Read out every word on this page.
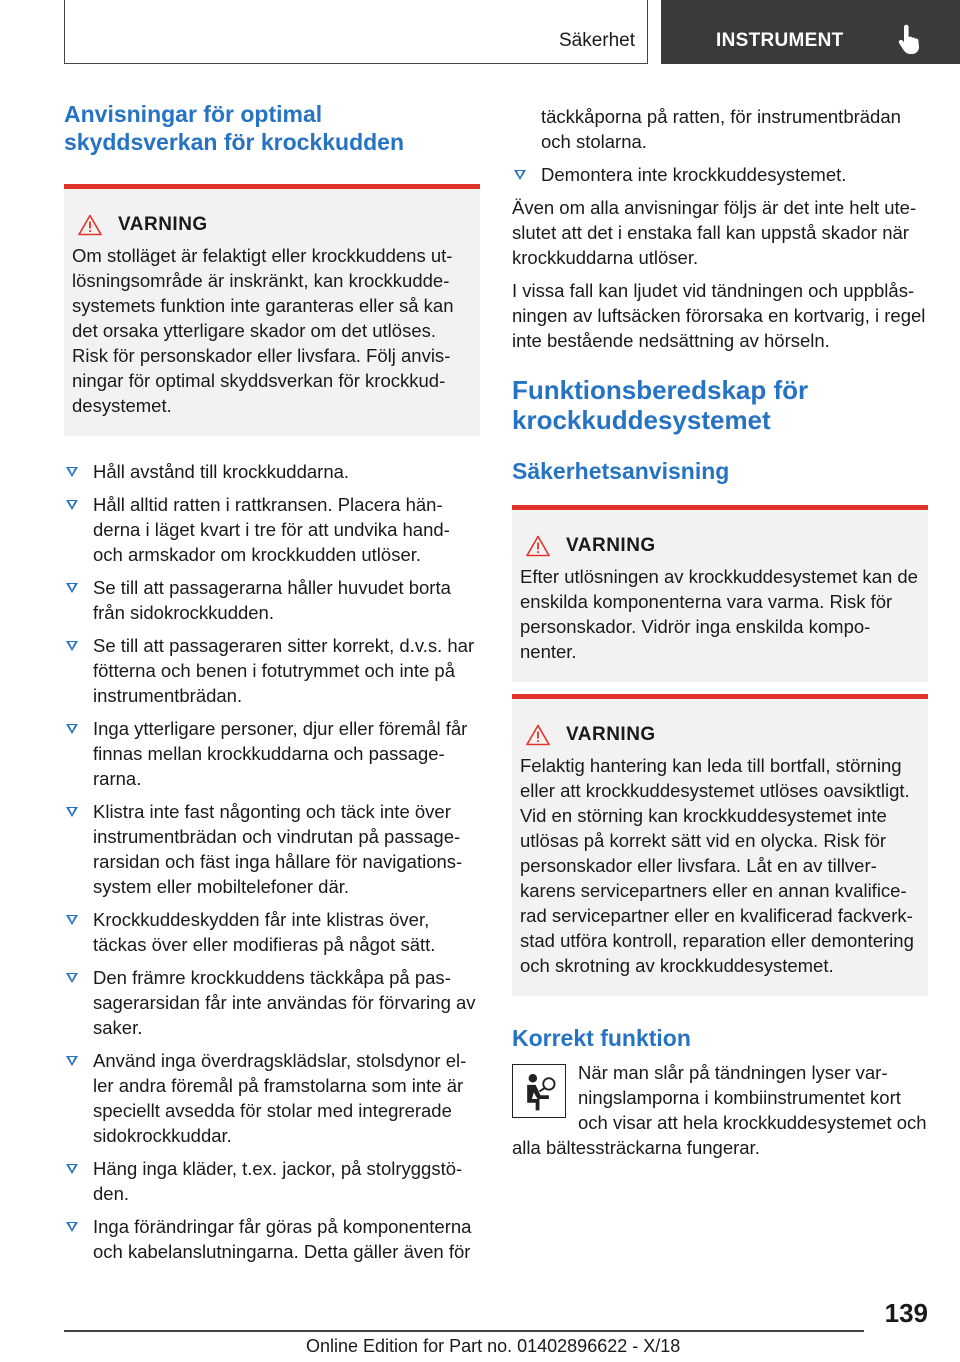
Säkerhet	INSTRUMENT
Anvisningar för optimal skyddsverkan för krockkudden
VARNING
Om stolläget är felaktigt eller krockkuddens utlösningsområde är inskränkt, kan krockkuddesystemets funktion inte garanteras eller så kan det orsaka ytterligare skador om det utlöses. Risk för personskador eller livsfara. Följ anvisningar för optimal skyddsverkan för krockkuddesystemet.
Håll avstånd till krockkuddarna.
Håll alltid ratten i rattkransen. Placera händerna i läget kvart i tre för att undvika hand- och armskador om krockkudden utlöser.
Se till att passagerarna håller huvudet borta från sidokrockkudden.
Se till att passageraren sitter korrekt, d.v.s. har fötterna och benen i fotutrymmet och inte på instrumentbrädan.
Inga ytterligare personer, djur eller föremål får finnas mellan krockkuddarna och passagerarna.
Klistra inte fast någonting och täck inte över instrumentbrädan och vindrutan på passagerarsidan och fäst inga hållare för navigationssystem eller mobiltelefoner där.
Krockkuddeskydden får inte klistras över, täckas över eller modifieras på något sätt.
Den främre krockkuddens täckkåpa på passagerarsidan får inte användas för förvaring av saker.
Använd inga överdragsklädslar, stolsdynor eller andra föremål på framstolarna som inte är speciellt avsedda för stolar med integrerade sidokrockkuddar.
Häng inga kläder, t.ex. jackor, på stolryggstöden.
Inga förändringar får göras på komponenterna och kabelanslutningarna. Detta gäller även för
täckkåporna på ratten, för instrumentbrädan och stolarna.
Demontera inte krockkuddesystemet.

Även om alla anvisningar följs är det inte helt uteslutet att det i enstaka fall kan uppstå skador när krockkuddarna utlöser.

I vissa fall kan ljudet vid tändningen och uppblåsningen av luftsäcken förorsaka en kortvarig, i regel inte bestående nedsättning av hörseln.

Funktionsberedskap för krockkuddesystemet
Säkerhetsanvisning
VARNING
Efter utlösningen av krockkuddesystemet kan de enskilda komponenterna vara varma. Risk för personskador. Vidrör inga enskilda komponenter.
VARNING
Felaktig hantering kan leda till bortfall, störning eller att krockkuddesystemet utlöses oavsiktligt. Vid en störning kan krockkuddesystemet inte utlösas på korrekt sätt vid en olycka. Risk för personskador eller livsfara. Låt en av tillverkarens servicepartners eller en annan kvalificerad servicepartner eller en kvalificerad fackverkstad utföra kontroll, reparation eller demontering och skrotning av krockkuddesystemet.
Korrekt funktion

När man slår på tändningen lyser varningslamporna i kombiinstrumentet kort och visar att hela krockkuddesystemet och alla bältessträckarna fungerar.

139
Online Edition for Part no. 01402896622 - X/18
